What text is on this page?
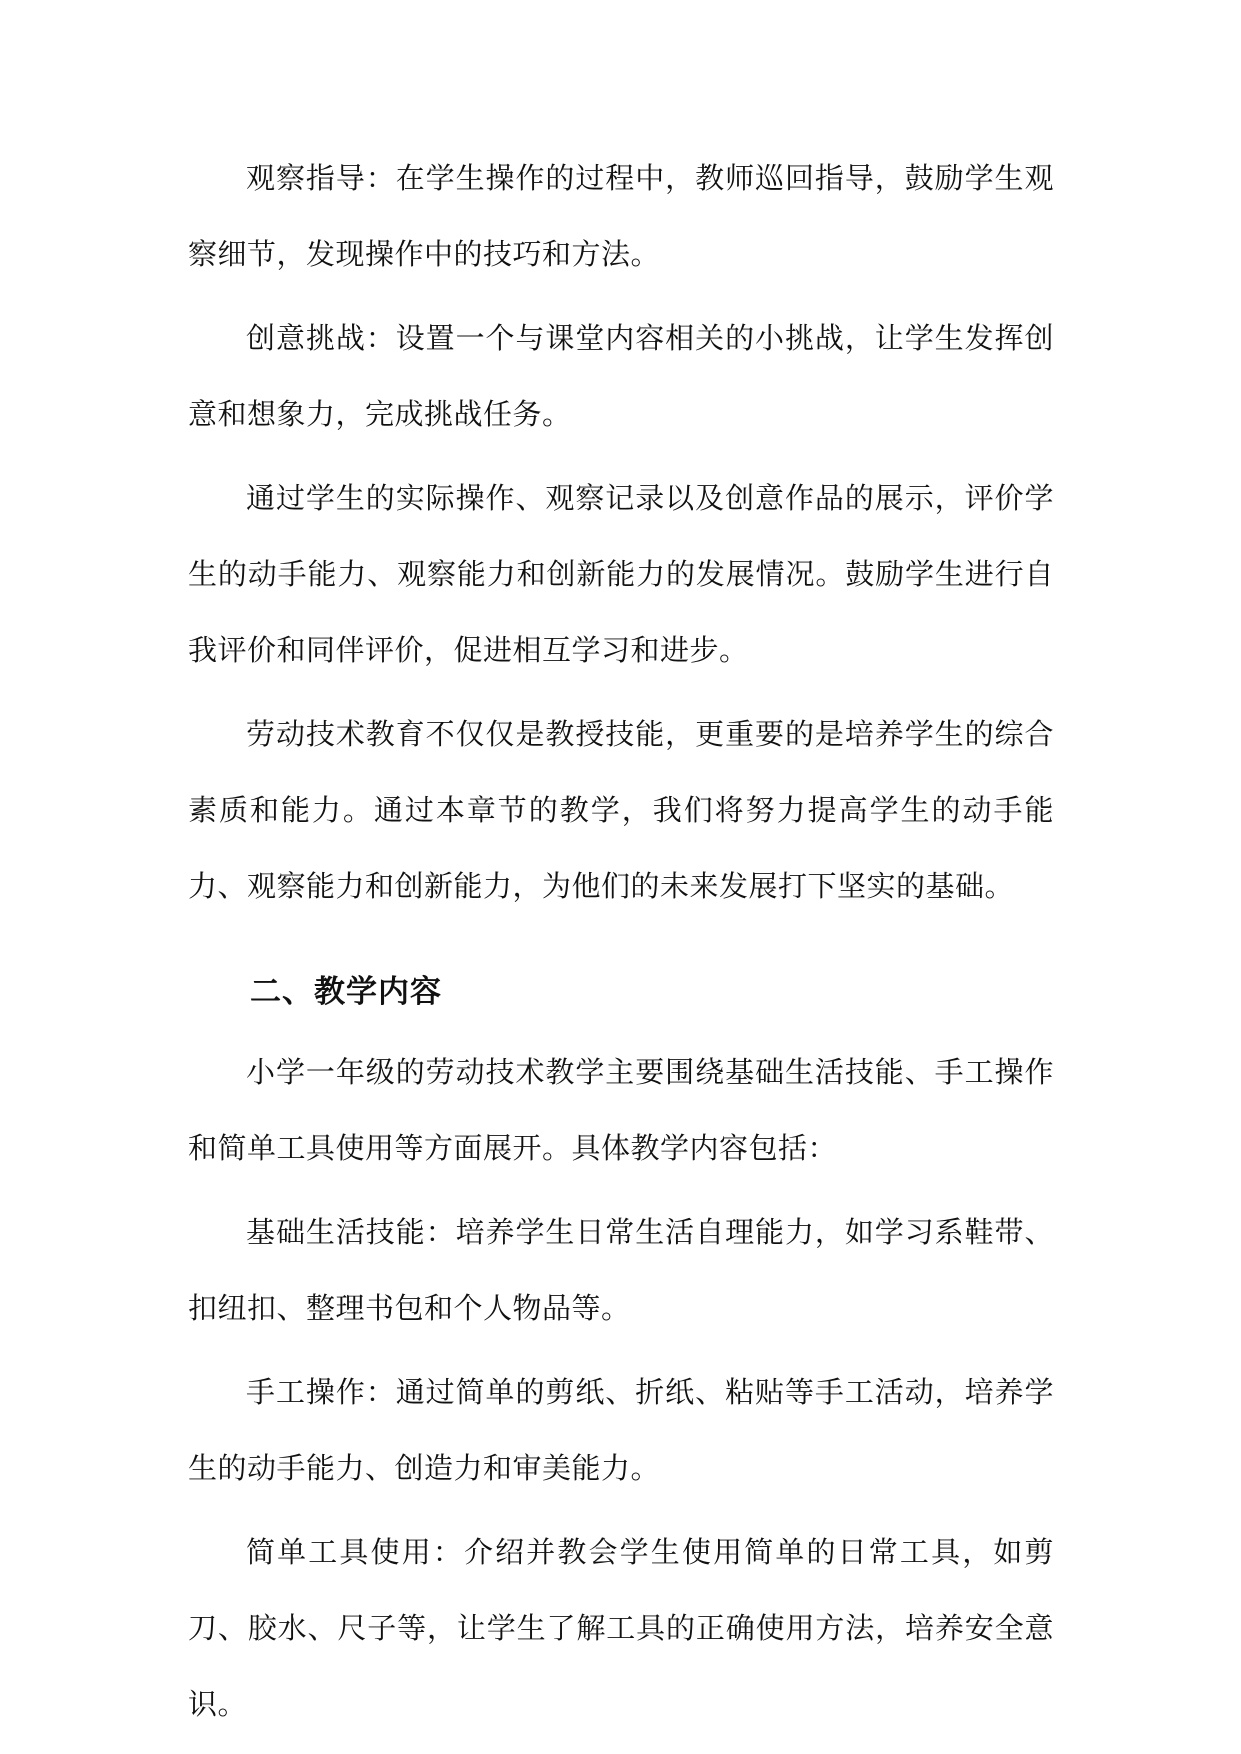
观察指导：在学生操作的过程中，教师巡回指导，鼓励学生观察细节，发现操作中的技巧和方法。

创意挑战：设置一个与课堂内容相关的小挑战，让学生发挥创意和想象力，完成挑战任务。

通过学生的实际操作、观察记录以及创意作品的展示，评价学生的动手能力、观察能力和创新能力的发展情况。鼓励学生进行自我评价和同伴评价，促进相互学习和进步。

劳动技术教育不仅仅是教授技能，更重要的是培养学生的综合素质和能力。通过本章节的教学，我们将努力提高学生的动手能力、观察能力和创新能力，为他们的未来发展打下坚实的基础。

二、教学内容

小学一年级的劳动技术教学主要围绕基础生活技能、手工操作和简单工具使用等方面展开。具体教学内容包括：

基础生活技能：培养学生日常生活自理能力，如学习系鞋带、扣纽扣、整理书包和个人物品等。

手工操作：通过简单的剪纸、折纸、粘贴等手工活动，培养学生的动手能力、创造力和审美能力。

简单工具使用：介绍并教会学生使用简单的日常工具，如剪刀、胶水、尺子等，让学生了解工具的正确使用方法，培养安全意识。
